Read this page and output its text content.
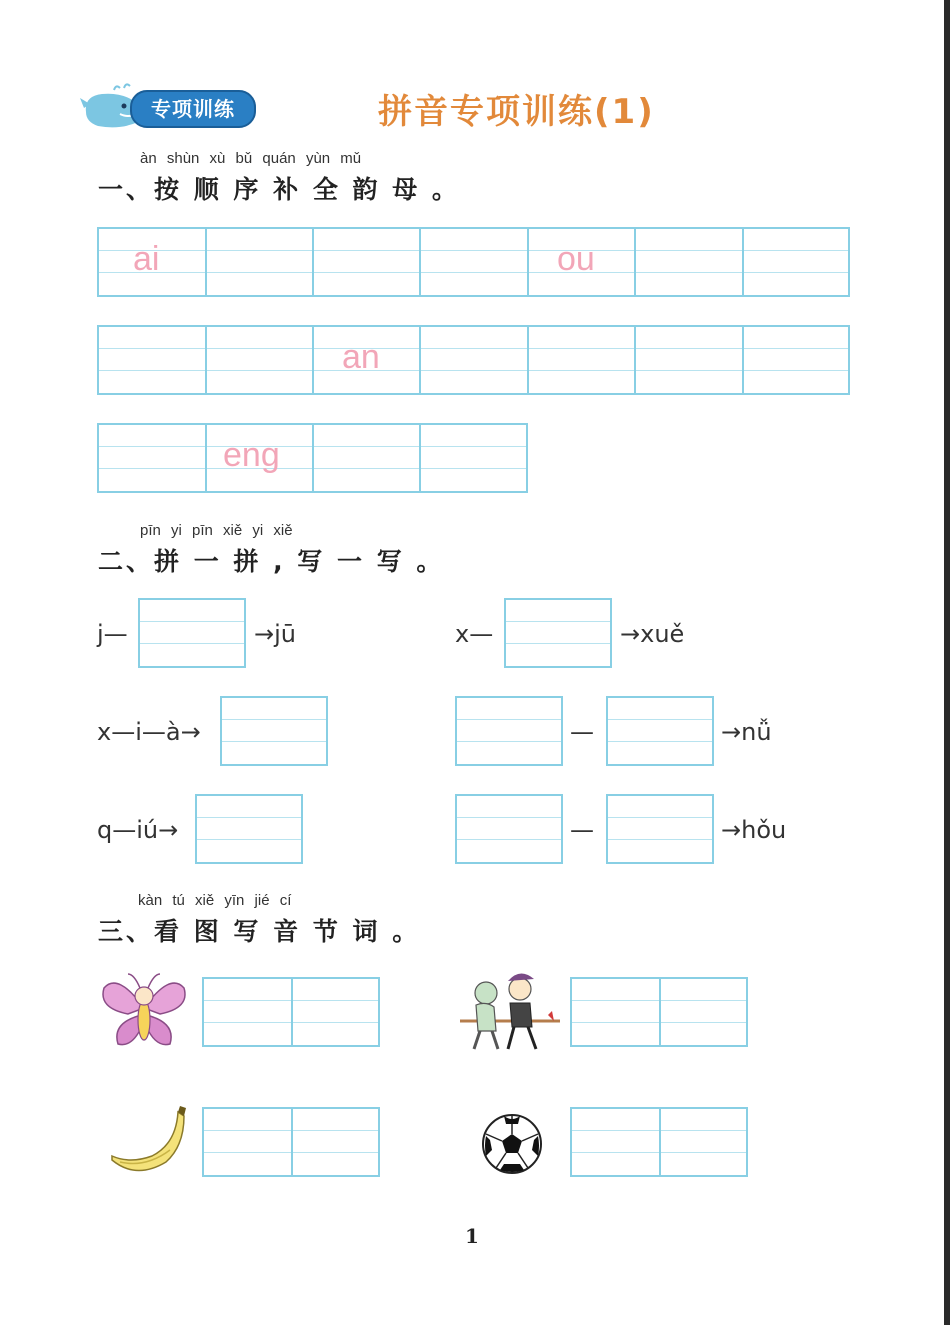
专项训练	拼音专项训练(1)
àn shùn xù bǔ quán yùn mǔ
一、按 顺 序 补 全 韵 母 。
ai	ou
an
eng
pīn yi pīn xiě yi xiě
二、拼 一 拼 , 写 一 写 。
j—	→jū	x—	→xuě
x—i—à→	—	→nǚ
q—iú→	—	→hǒu
kàn tú xiě yīn jié cí
三、看 图 写 音 节 词 。
1
